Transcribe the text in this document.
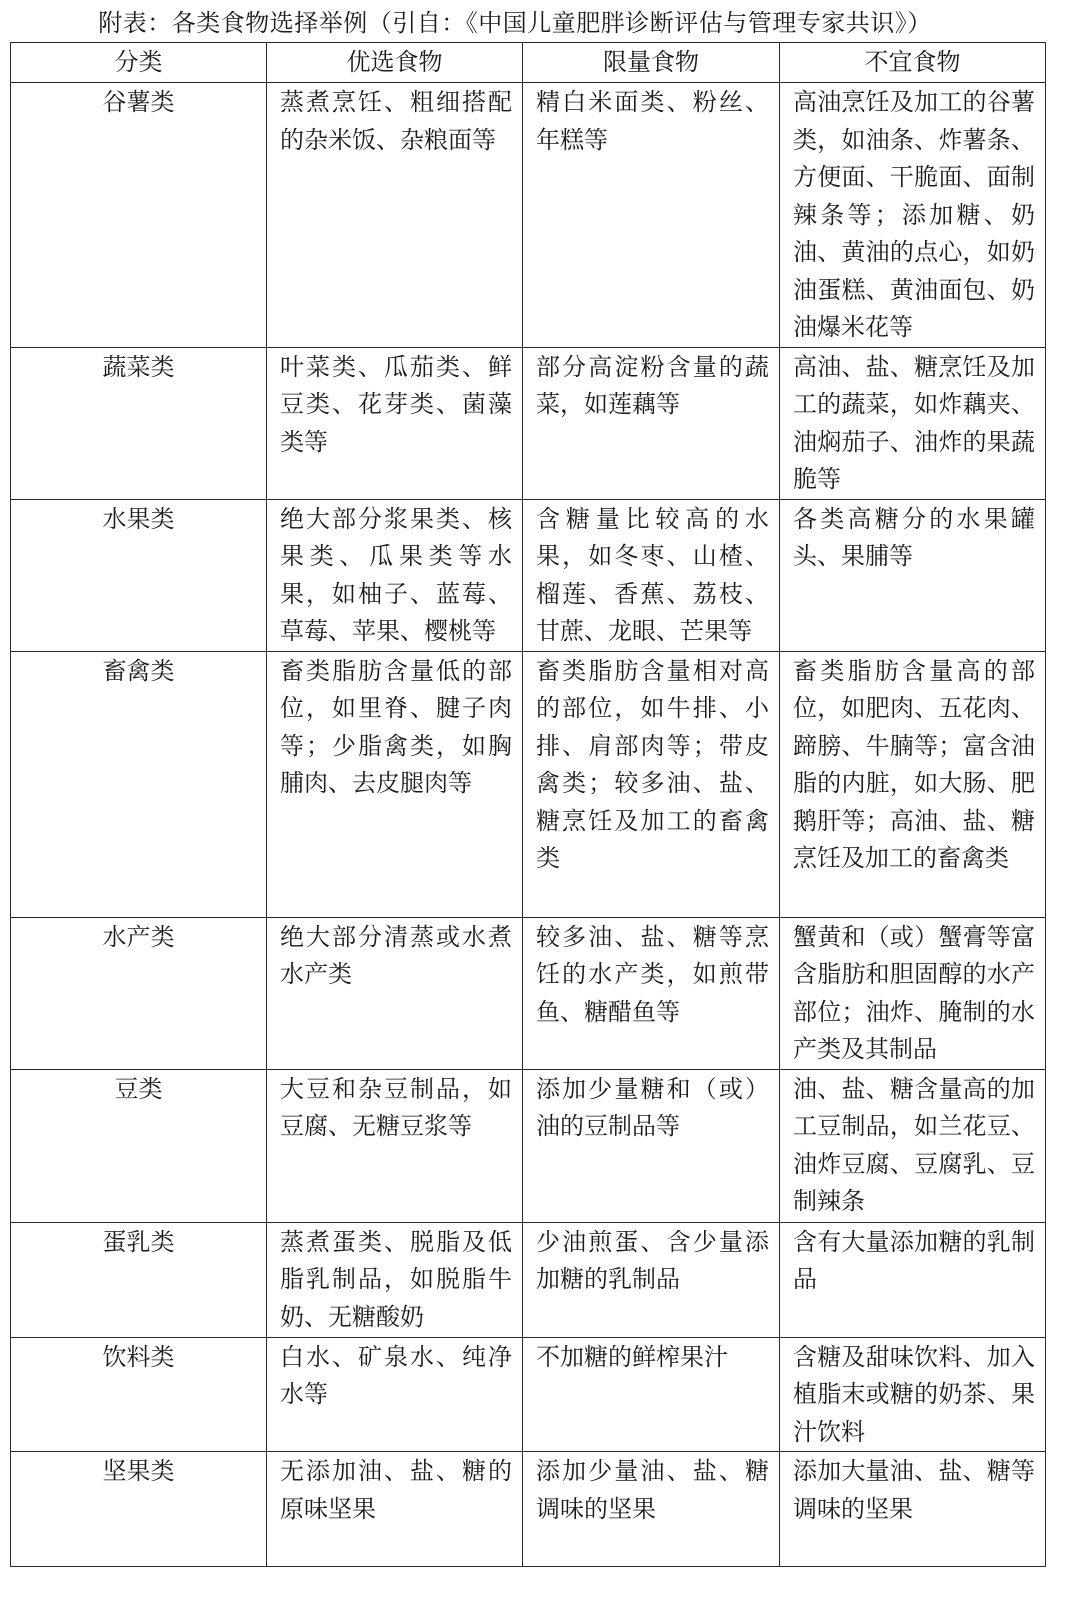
附表：各类食物选择举例（引自：《中国儿童肥胖诊断评估与管理专家共识》）
分类	优选食物	限量食物	不宜食物
谷薯类	蒸煮烹饪、粗细搭配的杂米饭、杂粮面等	精白米面类、粉丝、年糕等	高油烹饪及加工的谷薯类，如油条、炸薯条、方便面、干脆面、面制辣条等；添加糖、奶油、黄油的点心，如奶油蛋糕、黄油面包、奶油爆米花等
蔬菜类	叶菜类、瓜茄类、鲜豆类、花芽类、菌藻类等	部分高淀粉含量的蔬菜，如莲藕等	高油、盐、糖烹饪及加工的蔬菜，如炸藕夹、油焖茄子、油炸的果蔬脆等
水果类	绝大部分浆果类、核果类、瓜果类等水果，如柚子、蓝莓、草莓、苹果、樱桃等	含糖量比较高的水果，如冬枣、山楂、榴莲、香蕉、荔枝、甘蔗、龙眼、芒果等	各类高糖分的水果罐头、果脯等
畜禽类	畜类脂肪含量低的部位，如里脊、腱子肉等；少脂禽类，如胸脯肉、去皮腿肉等	畜类脂肪含量相对高的部位，如牛排、小排、肩部肉等；带皮禽类；较多油、盐、糖烹饪及加工的畜禽类	畜类脂肪含量高的部位，如肥肉、五花肉、蹄膀、牛腩等；富含油脂的内脏，如大肠、肥鹅肝等；高油、盐、糖烹饪及加工的畜禽类
水产类	绝大部分清蒸或水煮水产类	较多油、盐、糖等烹饪的水产类，如煎带鱼、糖醋鱼等	蟹黄和（或）蟹膏等富含脂肪和胆固醇的水产部位；油炸、腌制的水产类及其制品
豆类	大豆和杂豆制品，如豆腐、无糖豆浆等	添加少量糖和（或）油的豆制品等	油、盐、糖含量高的加工豆制品，如兰花豆、油炸豆腐、豆腐乳、豆制辣条
蛋乳类	蒸煮蛋类、脱脂及低脂乳制品，如脱脂牛奶、无糖酸奶	少油煎蛋、含少量添加糖的乳制品	含有大量添加糖的乳制品
饮料类	白水、矿泉水、纯净水等	不加糖的鲜榨果汁	含糖及甜味饮料、加入植脂末或糖的奶茶、果汁饮料
坚果类	无添加油、盐、糖的原味坚果	添加少量油、盐、糖调味的坚果	添加大量油、盐、糖等调味的坚果
